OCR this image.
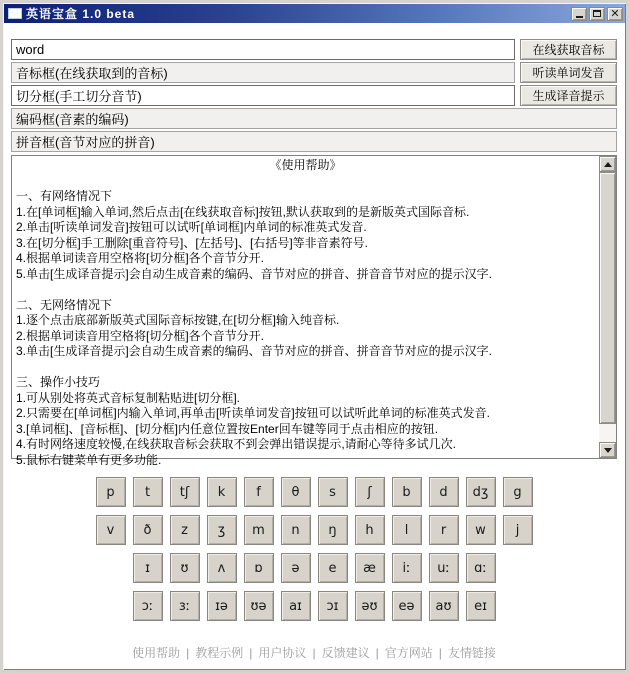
英语宝盒 1.0 beta	✕
word
在线获取音标
音标框(在线获取到的音标)
听读单词发音
切分框(手工切分音节)
生成译音提示
编码框(音素的编码) 拼音框(音节对应的拼音)
《使用帮助》

一、有网络情况下
1.在[单词框]输入单词,然后点击[在线获取音标]按钮,默认获取到的是新版英式国际音标.
2.单击[听读单词发音]按钮可以试听[单词框]内单词的标准英式发音.
3.在[切分框]手工删除[重音符号]、[左括号]、[右括号]等非音素符号.
4.根据单词读音用空格将[切分框]各个音节分开.
5.单击[生成译音提示]会自动生成音素的编码、音节对应的拼音、拼音音节对应的提示汉字.

二、无网络情况下
1.逐个点击底部新版英式国际音标按键,在[切分框]输入纯音标.
2.根据单词读音用空格将[切分框]各个音节分开.
3.单击[生成译音提示]会自动生成音素的编码、音节对应的拼音、拼音音节对应的提示汉字.

三、操作小技巧
1.可从别处将英式音标复制粘贴进[切分框].
2.只需要在[单词框]内输入单词,再单击[听读单词发音]按钮可以试听此单词的标准英式发音.
3.[单词框]、[音标框]、[切分框]内任意位置按Enter回车键等同于点击相应的按钮.
4.有时网络速度较慢,在线获取音标会获取不到会弹出错误提示,请耐心等待多试几次.
5.鼠标右键菜单有更多功能.
p	t	tʃ	k	f	θ	s	ʃ	b	d	dʒ	g
v	ð	z	ʒ	m	n	ŋ	h	l	r	w	j
ɪ	ʊ	ʌ	ɒ	ə	e	æ	iː	uː	ɑː
ɔː	ɜː	ɪə	ʊə	aɪ	ɔɪ	əʊ	eə	aʊ	eɪ
使用帮助 | 教程示例 | 用户协议 | 反馈建议 | 官方网站 | 友情链接
